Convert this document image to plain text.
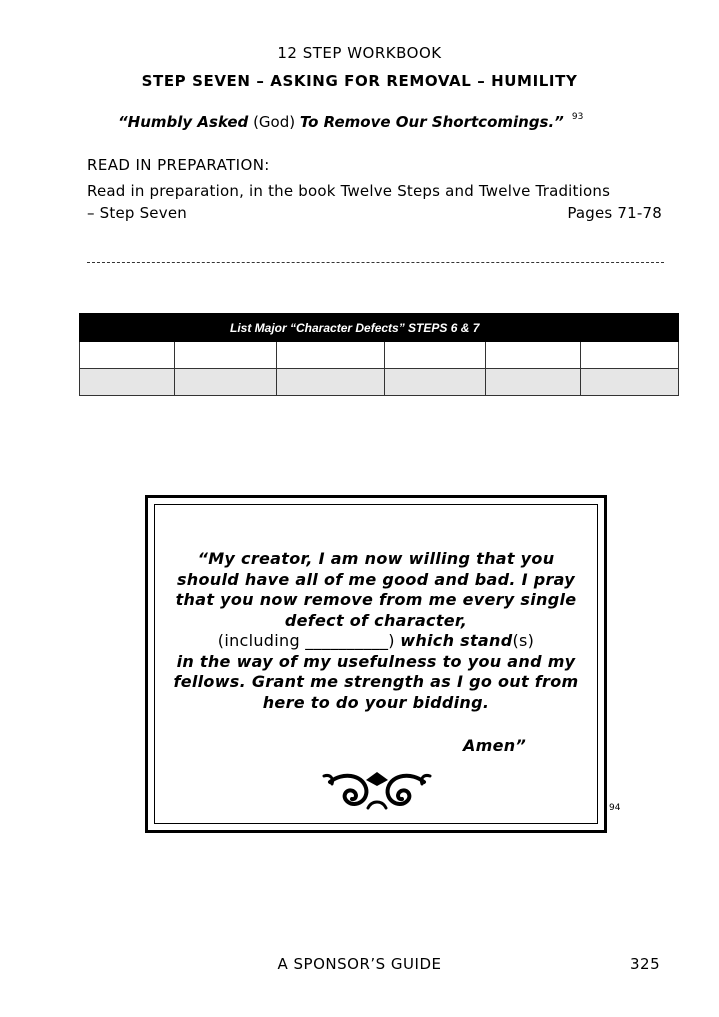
12 STEP WORKBOOK
STEP SEVEN – ASKING FOR REMOVAL – HUMILITY
“Humbly Asked (God) To Remove Our Shortcomings.” $^{93}$
READ IN PREPARATION:
Read in preparation, in the book Twelve Steps and Twelve Traditions
– Step Seven	Pages 71-78
List Major “Character Defects” STEPS 6 & 7					

“My creator, I am now willing that you
should have all of me good and bad. I pray
that you now remove from me every single
defect of character,
(including __________) which stand(s)
in the way of my usefulness to you and my
fellows. Grant me strength as I go out from
here to do your bidding.
Amen”
94
A SPONSOR’S GUIDE	325
